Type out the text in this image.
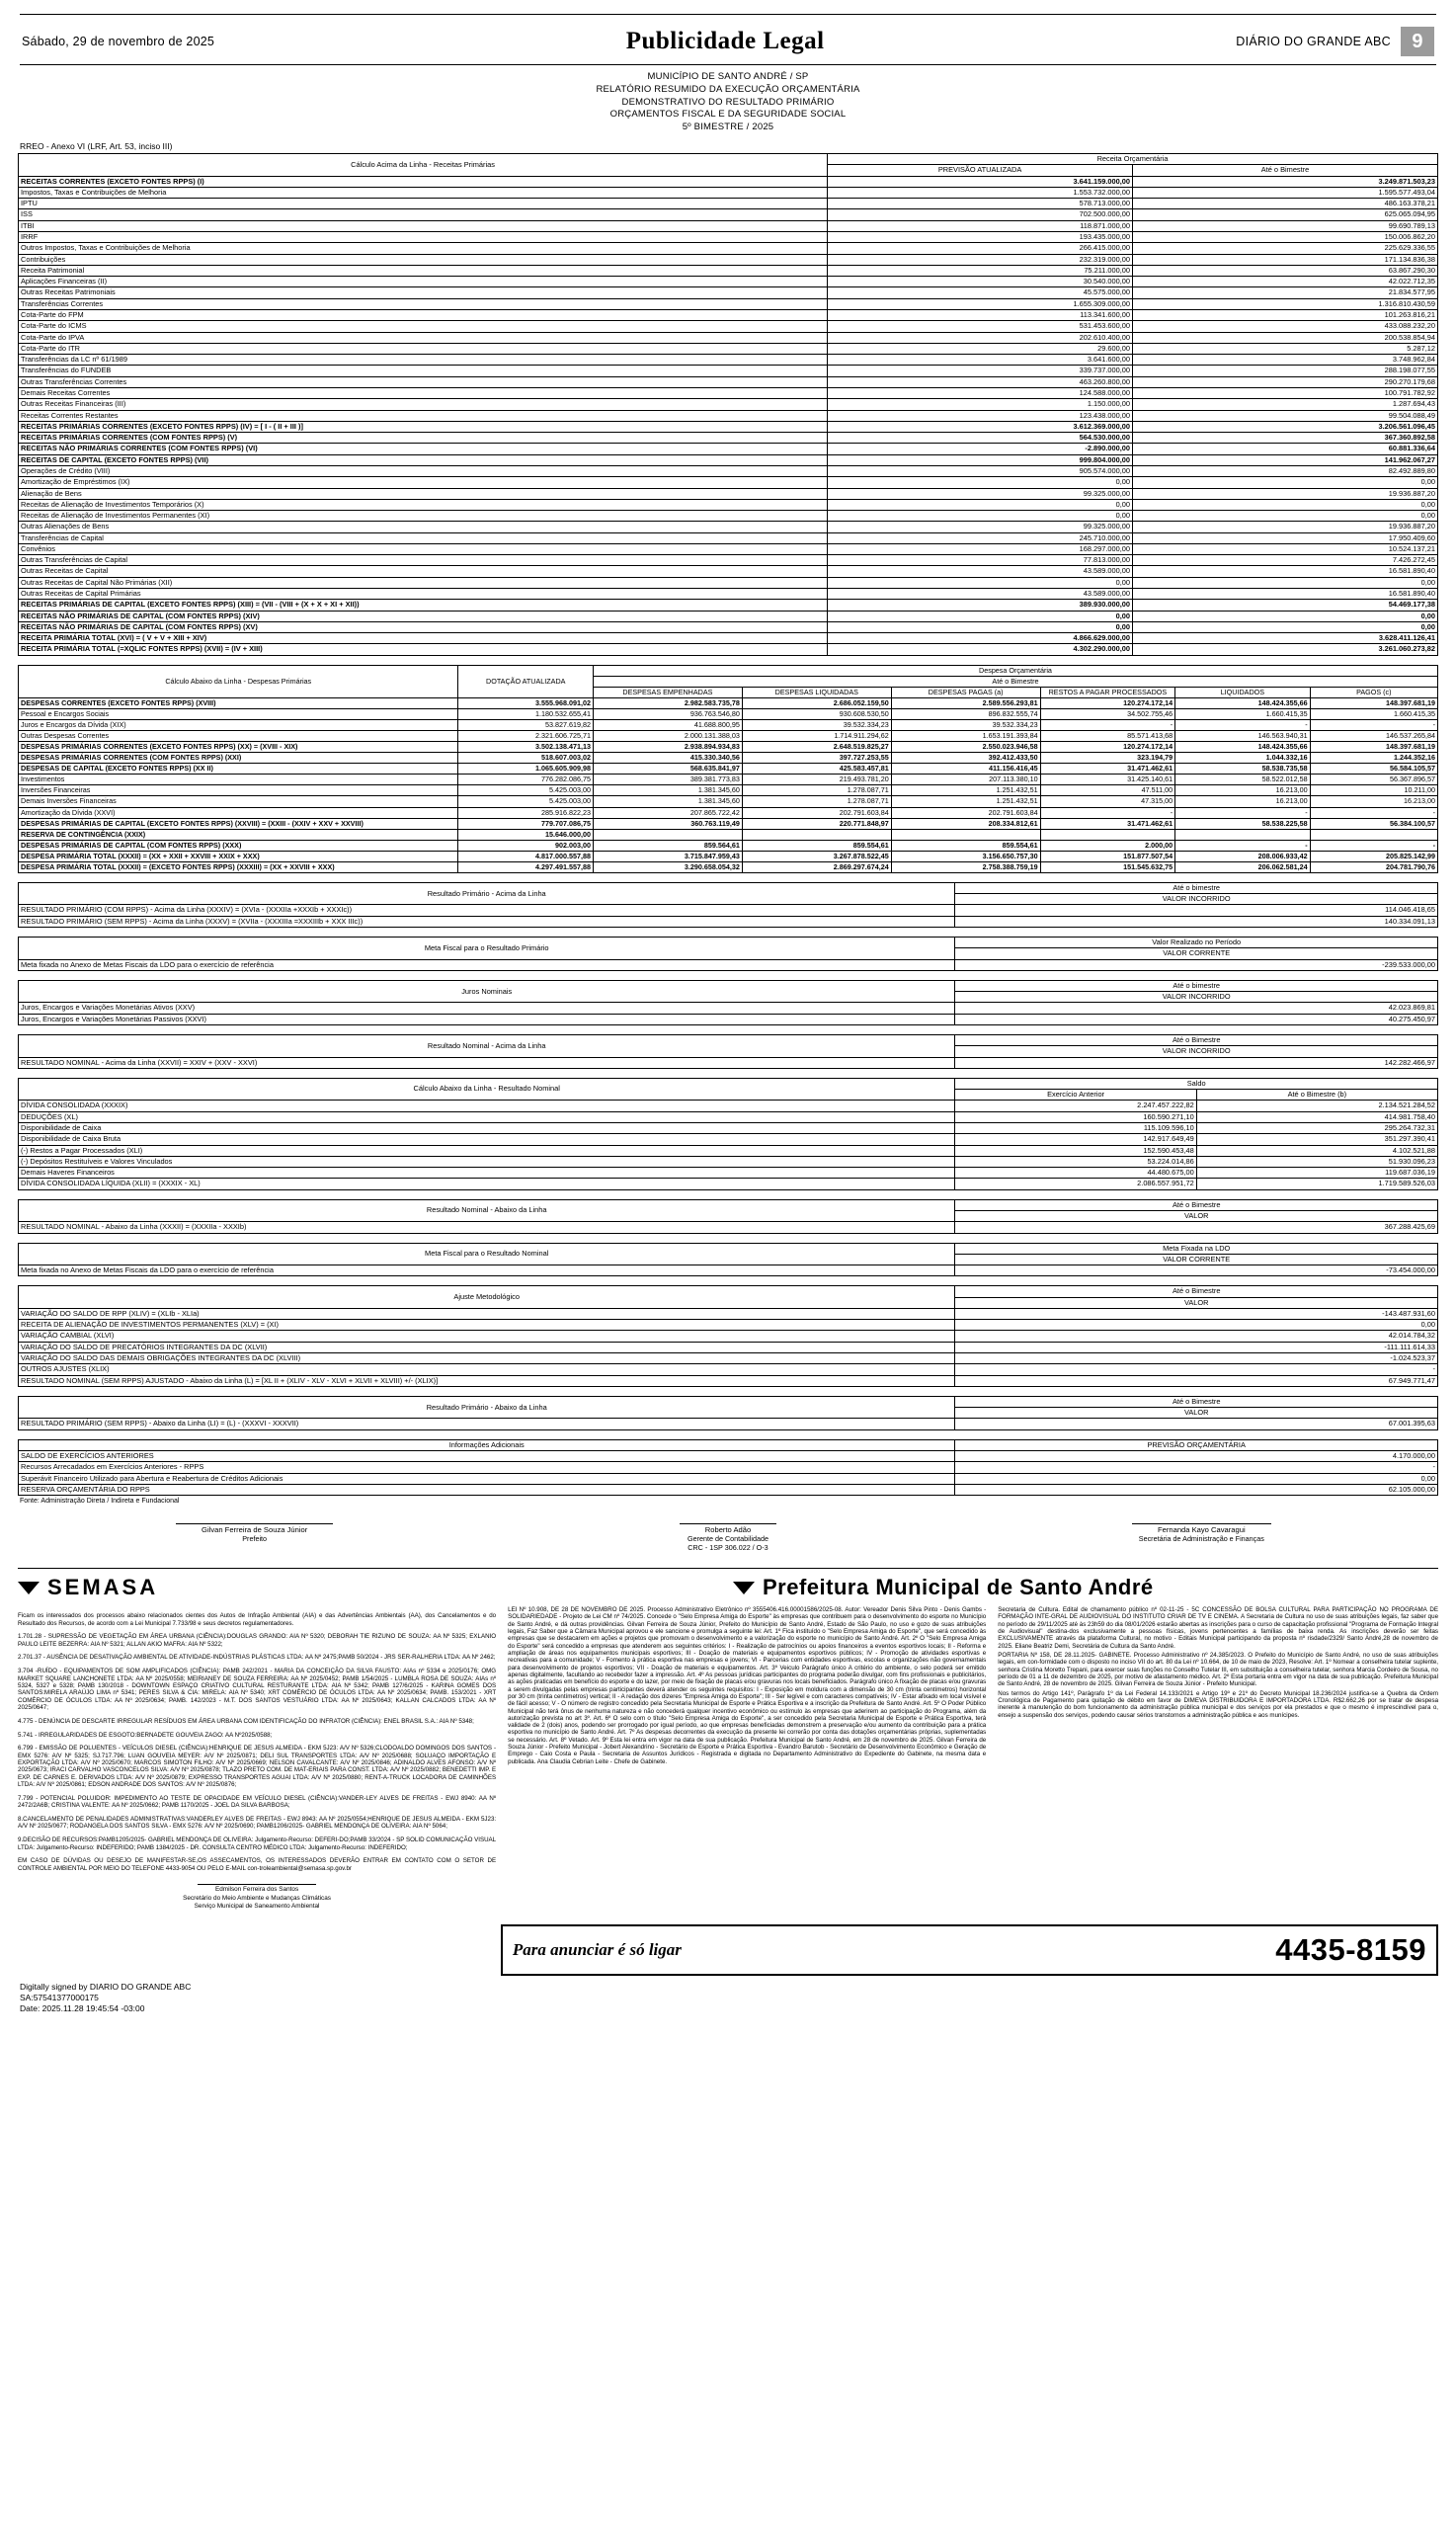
Sábado, 29 de novembro de 2025	Publicidade Legal	DIÁRIO DO GRANDE ABC	9
MUNICÍPIO DE SANTO ANDRÉ / SP
RELATÓRIO RESUMIDO DA EXECUÇÃO ORÇAMENTÁRIA
DEMONSTRATIVO DO RESULTADO PRIMÁRIO
ORÇAMENTOS FISCAL E DA SEGURIDADE SOCIAL
5º BIMESTRE / 2025
RREO - Anexo VI (LRF, Art. 53, inciso III)
Cálculo Acima da Linha - Receitas Primárias	Receita Orçamentária	
	PREVISÃO ATUALIZADA	Até o Bimestre
RECEITAS CORRENTES (EXCETO FONTES RPPS) (I)	3.641.159.000,00	3.249.871.503,23
Impostos, Taxas e Contribuições de Melhoria	1.553.732.000,00	1.595.577.493,04
IPTU	578.713.000,00	486.163.378,21
ISS	702.500.000,00	625.065.094,95
ITBI	118.871.000,00	99.690.789,13
IRRF	193.435.000,00	150.006.862,20
Outros Impostos, Taxas e Contribuições de Melhoria	266.415.000,00	225.629.336,55
Contribuições	232.319.000,00	171.134.836,38
Receita Patrimonial	75.211.000,00	63.867.290,30
Aplicações Financeiras (II)	30.540.000,00	42.022.712,35
Outras Receitas Patrimoniais	45.575.000,00	21.834.577,95
Transferências Correntes	1.655.309.000,00	1.316.810.430,59
Cota-Parte do FPM	113.341.600,00	101.263.816,21
Cota-Parte do ICMS	531.453.600,00	433.088.232,20
Cota-Parte do IPVA	202.610.400,00	200.538.854,94
Cota-Parte do ITR	29.600,00	5.287,12
Transferências da LC nº 61/1989	3.641.600,00	3.748.962,84
Transferências do FUNDEB	339.737.000,00	288.198.077,55
Outras Transferências Correntes	463.260.800,00	290.270.179,68
Demais Receitas Correntes	124.588.000,00	100.791.782,92
Outras Receitas Financeiras (III)	1.150.000,00	1.287.694,43
Receitas Correntes Restantes	123.438.000,00	99.504.088,49
RECEITAS PRIMÁRIAS CORRENTES (EXCETO FONTES RPPS) (IV) = [ I - ( II + III )]	3.612.369.000,00	3.206.561.096,45
RECEITAS PRIMÁRIAS CORRENTES (COM FONTES RPPS) (V)	564.530.000,00	367.360.892,58
RECEITAS NÃO PRIMÁRIAS CORRENTES (COM FONTES RPPS) (VI)	-2.890.000,00	60.881.336,64
RECEITAS DE CAPITAL (EXCETO FONTES RPPS) (VII)	999.804.000,00	141.962.067,27
Operações de Crédito (VIII)	905.574.000,00	82.492.889,80
Amortização de Empréstimos (IX)	0,00	0,00
Alienação de Bens	99.325.000,00	19.936.887,20
Receitas de Alienação de Investimentos Temporários (X)	0,00	0,00
Receitas de Alienação de Investimentos Permanentes (XI)	0,00	0,00
Outras Alienações de Bens	99.325.000,00	19.936.887,20
Transferências de Capital	245.710.000,00	17.950.409,60
Convênios	168.297.000,00	10.524.137,21
Outras Transferências de Capital	77.813.000,00	7.426.272,45
Outras Receitas de Capital	43.589.000,00	16.581.890,40
Outras Receitas de Capital Não Primárias (XII)	0,00	0,00
Outras Receitas de Capital Primárias	43.589.000,00	16.581.890,40
RECEITAS PRIMÁRIAS DE CAPITAL (EXCETO FONTES RPPS) (XIII) = (VII - (VIII + (X + X + XI + XII))	389.930.000,00	54.469.177,38
RECEITAS NÃO PRIMÁRIAS DE CAPITAL (COM FONTES RPPS) (XIV)	0,00	0,00
RECEITAS NÃO PRIMÁRIAS DE CAPITAL (COM FONTES RPPS) (XV)	0,00	0,00
RECEITA PRIMÁRIA TOTAL (XVI) = ( V + V + XIII + XIV)	4.866.629.000,00	3.628.411.126,41
RECEITA PRIMÁRIA TOTAL (=XQLIC FONTES RPPS) (XVII) = (IV + XIII)	4.302.290.000,00	3.261.060.273,82
Cálculo Abaixo da Linha - Despesas Primárias	DOTAÇÃO ATUALIZADA	Despesa Orçamentária					
		Até o Bimestre					
		DESPESAS EMPENHADAS	DESPESAS LIQUIDADAS	DESPESAS PAGAS (a)	RESTOS A PAGAR PROCESSADOS	LIQUIDADOS	PAGOS (c)
DESPESAS CORRENTES (EXCETO FONTES RPPS) (XVIII)	3.555.968.091,02	2.982.583.735,78	2.686.052.159,50	2.589.556.293,81	120.274.172,14	148.424.355,66	148.397.681,19
Pessoal e Encargos Sociais	1.180.532.655,41	936.763.546,80	930.608.530,50	896.832.555,74	34.502.755,46	1.660.415,35	1.660.415,35
Juros e Encargos da Dívida (XIX)	53.827.619,82	41.688.800,95	39.532.334,23	39.532.334,23	-	-	-
Outras Despesas Correntes	2.321.606.725,71	2.000.131.388,03	1.714.911.294,62	1.653.191.393,84	85.571.413,68	146.563.940,31	146.537.265,84
DESPESAS PRIMÁRIAS CORRENTES (EXCETO FONTES RPPS) (XX) = (XVIII - XIX)	3.502.138.471,13	2.938.894.934,83	2.648.519.825,27	2.550.023.946,58	120.274.172,14	148.424.355,66	148.397.681,19
DESPESAS PRIMÁRIAS CORRENTES (COM FONTES RPPS) (XXI)	518.607.003,02	415.330.340,56	397.727.253,55	392.412.433,50	323.194,79	1.044.332,16	1.244.352,16
DESPESAS DE CAPITAL (EXCETO FONTES RPPS) (XX II)	1.065.605.909,98	568.635.841,97	425.583.457,81	411.156.416,45	31.471.462,61	58.538.735,58	56.584.105,57
Investimentos	776.282.086,75	389.381.773,83	219.493.781,20	207.113.380,10	31.425.140,61	58.522.012,58	56.367.896,57
Inversões Financeiras	5.425.003,00	1.381.345,60	1.278.087,71	1.251.432,51	47.511,00	16.213,00	10.211,00
Demais Inversões Financeiras	5.425.003,00	1.381.345,60	1.278.087,71	1.251.432,51	47.315,00	16.213,00	16.213,00
Amortização da Dívida (XXVI)	285.916.822,23	207.865.722,42	202.791.603,84	202.791.603,84	-	-	-
DESPESAS PRIMÁRIAS DE CAPITAL (EXCETO FONTES RPPS) (XXVIII) = (XXIII - (XXIV + XXV + XXVIII)	779.707.086,75	360.763.119,49	220.771.848,97	208.334.812,61	31.471.462,61	58.538.225,58	56.384.100,57
RESERVA DE CONTINGÊNCIA (XXIX)	15.646.000,00						
DESPESAS PRIMÁRIAS DE CAPITAL (COM FONTES RPPS) (XXX)	902.003,00	859.564,61	859.554,61	859.554,61	2.000,00	-	-
DESPESA PRIMÁRIA TOTAL (XXXII) = (XX + XXII + XXVIII + XXIX + XXX)	4.817.000.557,88	3.715.847.959,43	3.267.878.522,45	3.156.650.757,30	151.877.507,54	208.006.933,42	205.825.142,99
DESPESA PRIMÁRIA TOTAL (XXXII) = (EXCETO FONTES RPPS) (XXXIII) = (XX + XXVIII + XXX)	4.297.491.557,88	3.290.658.054,32	2.869.297.674,24	2.758.388.759,19	151.545.632,75	206.062.581,24	204.781.790,76
Resultado Primário - Acima da Linha	Até o bimestre
	VALOR INCORRIDO
RESULTADO PRIMÁRIO (COM RPPS) - Acima da Linha (XXXIV) = (XVIa - (XXXIIa +XXXIb + XXXIc))	114.046.418,65
RESULTADO PRIMÁRIO (SEM RPPS) - Acima da Linha (XXXV) = (XVIIa - (XXXIIIa =XXXIIIb + XXX IIIc))	140.334.091,13
Meta Fiscal para o Resultado Primário	Valor Realizado no Período
	VALOR CORRENTE
Meta fixada no Anexo de Metas Fiscais da LDO para o exercício de referência	-239.533.000,00
Juros Nominais	Até o bimestre
	VALOR INCORRIDO
Juros, Encargos e Variações Monetárias Ativos (XXV)	42.023.869,81
Juros, Encargos e Variações Monetárias Passivos (XXVI)	40.275.450,97
Resultado Nominal - Acima da Linha	Até o Bimestre
	VALOR INCORRIDO
RESULTADO NOMINAL - Acima da Linha (XXVII) = XXIV + (XXV - XXVI)	142.282.466,97
Cálculo Abaixo da Linha - Resultado Nominal	Saldo	
	Exercício Anterior	Até o Bimestre (b)
DÍVIDA CONSOLIDADA (XXXIX)	2.247.457.222,82	2.134.521.284,52
DEDUÇÕES (XL)	160.590.271,10	414.981.758,40
Disponibilidade de Caixa	115.109.596,10	295.264.732,31
Disponibilidade de Caixa Bruta	142.917.649,49	351.297.390,41
(-) Restos a Pagar Processados (XLI)	152.590.453,48	4.102.521,88
(-) Depósitos Restituíveis e Valores Vinculados	53.224.014,86	51.930.096,23
Demais Haveres Financeiros	44.480.675,00	119.687.036,19
DÍVIDA CONSOLIDADA LÍQUIDA (XLII) = (XXXIX - XL)	2.086.557.951,72	1.719.589.526,03
Resultado Nominal - Abaixo da Linha	Até o Bimestre
	VALOR
RESULTADO NOMINAL - Abaixo da Linha (XXXII) = (XXXIIa - XXXIb)	367.288.425,69
Meta Fiscal para o Resultado Nominal	Meta Fixada na LDO
	VALOR CORRENTE
Meta fixada no Anexo de Metas Fiscais da LDO para o exercício de referência	-73.454.000,00
Ajuste Metodológico	Até o Bimestre
	VALOR
VARIAÇÃO DO SALDO DE RPP (XLIV) = (XLIb - XLIa)	-143.487.931,60
RECEITA DE ALIENAÇÃO DE INVESTIMENTOS PERMANENTES (XLV) = (XI)	0,00
VARIAÇÃO CAMBIAL (XLVI)	42.014.784,32
VARIAÇÃO DO SALDO DE PRECATÓRIOS INTEGRANTES DA DC (XLVII)	-111.111.614,33
VARIAÇÃO DO SALDO DAS DEMAIS OBRIGAÇÕES INTEGRANTES DA DC (XLVIII)	-1.024.523,37
OUTROS AJUSTES (XLIX)	-
RESULTADO NOMINAL (SEM RPPS) AJUSTADO - Abaixo da Linha (L) = [XL II + (XLIV - XLV - XLVI + XLVII + XLVIII) +/- (XLIX)]	67.949.771,47
Resultado Primário - Abaixo da Linha	Até o Bimestre
	VALOR
RESULTADO PRIMÁRIO (SEM RPPS) - Abaixo da Linha (LI) = (L) - (XXXVI - XXXVII)	67.001.395,63
Informações Adicionais	PREVISÃO ORÇAMENTÁRIA
SALDO DE EXERCÍCIOS ANTERIORES	4.170.000,00
Recursos Arrecadados em Exercícios Anteriores - RPPS	-
Superávit Financeiro Utilizado para Abertura e Reabertura de Créditos Adicionais	0,00
RESERVA ORÇAMENTÁRIA DO RPPS	62.105.000,00
Fonte: Administração Direta / Indireta e Fundacional
Gilvan Ferreira de Souza Júnior
Prefeito
Roberto Adão
Gerente de Contabilidade
CRC - 1SP 306.022 / O-3
Fernanda Kayo Cavaragui
Secretária de Administração e Finanças
SEMASA	Prefeitura Municipal de Santo André

Ficam os interessados dos processos abaixo relacionados cientes dos Autos de Infração Ambiental (AIA) e das Advertências Ambientais (AA), dos Cancelamentos e do Resultado dos Recursos, de acordo com a Lei Municipal 7.733/98 e seus decretos regulamentadores.

1.701.28 - SUPRESSÃO DE VEGETAÇÃO EM ÁREA URBANA (CIÊNCIA):DOUGLAS GRANDO: AIA Nº 5320; DEBORAH TIE RIZUNO DE SOUZA: AA Nº 5325; EXLANIO PAULO LEITE BEZERRA: AIA Nº 5321; ALLAN AKIO MAFRA: AIA Nº 5322;

2.701.37 - AUSÊNCIA DE DESATIVAÇÃO AMBIENTAL DE ATIVIDADE-INDÚSTRIAS PLÁSTICAS LTDA: AA Nº 2475;PAMB 50/2024 - JRS SER-RALHERIA LTDA: AA Nº 2462;

3.704 -RUÍDO - EQUIPAMENTOS DE SOM AMPLIFICADOS (CIÊNCIA): PAMB 242/2021 - MARIA DA CONCEIÇÃO DA SILVA FAUSTO: AIAs nº 5334 e 2025/0176; OMG MARKET SQUARE LANCHONETE LTDA: AA Nº 2025/0558; MEIRIANEY DE SOUZA FERREIRA: AA Nº 2025/0452; PAMB 1/54/2025 - LUMBLA ROSA DE SOUZA: AIAs nº 5324, 5327 e 5328; PAMB 130/2018 - DOWNTOWN ESPAÇO CRIATIVO CULTURAL RESTURANTE LTDA: AIA Nº 5342; PAMB 127/6/2025 - KARINA GOMES DOS SANTOS:MIRELA ARAÚJO LIMA nº 5341; PERES SILVA & CIA: MIRELA: AIA Nº 5340; XRT COMÉRCIO DE ÓCULOS LTDA: AA Nº 2025/0634; PAMB. 153/2021 - XRT COMÉRCIO DE ÓCULOS LTDA: AA Nº 2025/0634; PAMB. 142/2023 - M.T. DOS SANTOS VESTUÁRIO LTDA: AA Nº 2025/0643; KALLAN CALCADOS LTDA: AA Nº 2025/0647;

4.775 - DENÚNCIA DE DESCARTE IRREGULAR RESÍDUOS EM ÁREA URBANA COM IDENTIFICAÇÃO DO INFRATOR (CIÊNCIA): ENEL BRASIL S.A.: AIA Nº 5348;

5.741 - IRREGULARIDADES DE ESGOTO:BERNADETE GOUVEIA ZAGO: AA Nº2025/0588;

6.799 - EMISSÃO DE POLUENTES - VEÍCULOS DIESEL (CIÊNCIA):HENRIQUE DE JESUS ALMEIDA - EKM 5J23: A/V Nº 5326;CLODOALDO DOMINGOS DOS SANTOS - EMX 5276: A/V Nº 5325; SJ.717.796; LUAN GOUVEIA MEYER: A/V Nº 2025/0871; DELI SUL TRANSPORTES LTDA: A/V Nº 2025/0688; SOLUAÇO IMPORTAÇÃO E EXPORTAÇÃO LTDA: A/V Nº 2025/0670; MARCOS SIMOTON FILHO: A/V Nº 2025/0669; NELSON CAVALCANTE: A/V Nº 2025/0846; ADINALDO ALVES AFONSO: A/V Nº 2025/0673; IRACI CARVALHO VASCONCELOS SILVA: A/V Nº 2025/0878; TLAZO PRETO COM. DE MAT-ERIAIS PARA CONST. LTDA: A/V Nº 2025/0882; BENEDETTI IMP. E EXP. DE CARNES E. DERIVADOS LTDA: A/V Nº 2025/0879; EXPRESSO TRANSPORTES AGUAI LTDA: A/V Nº 2025/0880; RENT-A-TRUCK LOCADORA DE CAMINHÕES LTDA: A/V Nº 2025/0861; EDSON ANDRADE DOS SANTOS: A/V Nº 2025/0876;

7.799 - POTENCIAL POLUIDOR: IMPEDIMENTO AO TESTE DE OPACIDADE EM VEÍCULO DIESEL (CIÊNCIA):VANDER-LEY ALVES DE FREITAS - EWJ 8940: AA Nº 2472/2A6B; CRISTINA VALENTE: AA Nº 2025/0662; PAMB 1170/2025 - JOEL DA SILVA BARBOSA;

8.CANCELAMENTO DE PENALIDADES ADMINISTRATIVAS:VANDERLEY ALVES DE FREITAS - EWJ 8943: AA Nº 2025/0554;HENRIQUE DE JESUS ALMEIDA - EKM 5J23: A/V Nº 2025/0677; RODANGELA DOS SANTOS SILVA - EMX 5276: A/V Nº 2025/0690; PAMB1206/2025- GABRIEL MENDONÇA DE OLIVEIRA: AIA Nº 5064;

9.DECISÃO DE RECURSOS:PAMB1205/2025- GABRIEL MENDONÇA DE OLIVEIRA: Julgamento-Recurso: DEFERI-DO;PAMB 33/2024 - SP SOLID COMUNICAÇÃO VISUAL LTDA: Julgamento-Recurso: INDEFERIDO; PAMB 1384/2025 - DR. CONSULTA CENTRO MÉDICO LTDA: Julgamento-Recurso: INDEFERIDO;

EM CASO DE DÚVIDAS OU DESEJO DE MANIFESTAR-SE,OS ASSECAMENTOS, OS INTERESSADOS DEVERÃO ENTRAR EM CONTATO COM O SETOR DE CONTROLE AMBIENTAL POR MEIO DO TELEFONE 4433-9054 OU PELO E-MAIL con-troleambiental@semasa.sp.gov.br

Edmilson Ferreira dos Santos
Secretário do Meio Ambiente e Mudanças Climáticas
Serviço Municipal de Saneamento Ambiental

LEI Nº 10.908, DE 28 DE NOVEMBRO DE 2025. Processo Administrativo Eletrônico nº 3555406.416.00001586/2025-08. Autor: Vereador Denis Silva Pinto - Denis Gambs - SOLIDARIEDADE - Projeto de Lei CM nº 74/2025. Concede o "Selo Empresa Amiga do Esporte" às empresas que contribuem para o desenvolvimento do esporte no Município de Santo André, e dá outras providências. Gilvan Ferreira de Souza Júnior, Prefeito do Município de Santo André, Estado de São Paulo, no uso e gozo de suas atribuições legais, Faz Saber que a Câmara Municipal aprovou e ele sancione e promulga a seguinte lei: Art. 1º Fica instituído o "Selo Empresa Amiga do Esporte", que será concedido às empresas que se destacarem em ações e projetos que promovam o desenvolvimento e a valorização do esporte no município de Santo André. Art. 2º O "Selo Empresa Amiga do Esporte" será concedido a empresas que atenderem aos seguintes critérios: I - Realização de patrocínios ou apoios financeiros a eventos esportivos locais; II - Reforma e ampliação de áreas nos equipamentos municipais esportivos; III - Doação de materiais e equipamentos esportivos públicos; IV - Promoção de atividades esportivas e recreativas para a comunidade; V - Fomento à prática esportiva nas empresas e jovens; VI - Parcerias com entidades esportivas, escolas e organizações não governamentais para desenvolvimento de projetos esportivos; VII - Doação de materiais e equipamentos. Art. 3º Veiculo Parágrafo único A critério do ambiente, o selo poderá ser emitido apenas digitalmente, facultando ao recebedor fazer a impressão. Art. 4º As pessoas jurídicas participantes do programa poderão divulgar, com fins profissionais e publicitários, as ações praticadas em benefício do esporte e do lazer, por meio de fixação de placas e/ou gravuras nos locais beneficiados. Parágrafo único A fixação de placas e/ou gravuras a serem divulgadas pelas empresas participantes deverá atender os seguintes requisitos: I - Exposição em moldura com a dimensão de 30 cm (trinta centímetros) horizontal por 30 cm (trinta centímetros) vertical; II - A redação dos dizeres "Empresa Amiga do Esporte"; III - Ser legível e com caracteres compatíveis; IV - Estar afixado em local visível e de fácil acesso; V - O número de registro concedido pela Secretaria Municipal de Esporte e Prática Esportiva e a inscrição da Prefeitura de Santo André. Art. 5º O Poder Público Municipal não terá ônus de nenhuma natureza e não concederá qualquer incentivo econômico ou estímulo às empresas que aderirem ao participação do Programa, além da autorização prevista no art 3º. Art. 6º O selo com o título "Selo Empresa Amiga do Esporte", a ser concedido pela Secretaria Municipal de Esporte e Prática Esportiva, terá validade de 2 (dois) anos, podendo ser prorrogado por igual período, ao que empresas beneficiadas demonstrem a preservação e/ou aumento da contribuição para a prática esportiva no município de Santo André. Art. 7º As despesas decorrentes da execução da presente lei correrão por conta das dotações orçamentárias próprias, suplementadas se necessário. Art. 8º Vetado. Art. 9º Esta lei entra em vigor na data de sua publicação. Prefeitura Municipal de Santo André, em 28 de novembro de 2025. Gilvan Ferreira de Souza Júnior - Prefeito Municipal - Jobert Alexandrino - Secretário de Esporte e Prática Esportiva - Evandro Barutob - Secretário de Desenvolvimento Econômico e Geração de Emprego - Caio Costa e Paula - Secretaria de Assuntos Jurídicos - Registrada e digitada no Departamento Administrativo do Expediente do Gabinete, na mesma data e publicada. Ana Claudia Cebrian Leite - Chefe de Gabinete.

Secretaria de Cultura. Edital de chamamento público nº 02-11-25 - 5C CONCESSÃO DE BOLSA CULTURAL PARA PARTICIPAÇÃO NO PROGRAMA DE FORMAÇÃO INTE-GRAL DE AUDIOVISUAL DO INSTITUTO CRIAR DE TV E CINEMA. A Secretaria de Cultura no uso de suas atribuições legais, faz saber que no período de 29/11/2025 até às 23h59 do dia 08/01/2026 estarão abertas as inscrições para o curso de capacitação profissional "Programa de Formação Integral de Audiovisual" destina-dos exclusivamente a pessoas físicas, jovens pertencentes a famílias de baixa renda. As inscrições deverão ser feitas EXCLUSIVAMENTE através da plataforma Cultural, no motivo - Editais Municipal participando da proposta nº risdade/2329/ Santo André,28 de novembro de 2025. Eliane Beatriz Demi, Secretária de Cultura da Santo André.

PORTARIA Nº 158, DE 28.11.2025- GABINETE. Processo Administrativo nº 24.385/2023. O Prefeito do Município de Santo André, no uso de suas atribuições legais, em con-formidade com o disposto no inciso VII do art. 80 da Lei nº 10.664, de 10 de maio de 2023, Resolve: Art. 1º Nomear a conselheira tutelar suplente, senhora Cristina Moretto Trepani, para exercer suas funções no Conselho Tutelar III, em substituição a conselheira tutelar, senhora Marcia Cordeiro de Sousa, no período de 01 a 11 de dezembro de 2025, por motivo de afastamento médico. Art. 2º Esta portaria entra em vigor na data de sua publicação. Prefeitura Municipal de Santo André, 28 de novembro de 2025. Gilvan Ferreira de Souza Júnior - Prefeito Municipal.

Nos termos do Artigo 141º, Parágrafo 1º da Lei Federal 14.133/2021 e Artigo 19º e 21º do Decreto Municipal 18.236/2024 justifica-se a Quebra da Ordem Cronológica de Pagamento para quitação de débito em favor de DIMEVA DISTRIBUIDORA E IMPORTADORA LTDA. R$2.662,26 por se tratar de despesa inerente à manutenção do bom funcionamento da administração pública municipal e dos serviços por ela prestados e que o mesmo é imprescindível para o, ensejo a suspensão dos serviços, podendo causar sérios transtornos a administração pública e aos munícipes.

Para anunciar é só ligar	4435-8159
Digitally signed by DIARIO DO GRANDE ABC
SA:57541377000175
Date: 2025.11.28 19:45:54 -03:00
